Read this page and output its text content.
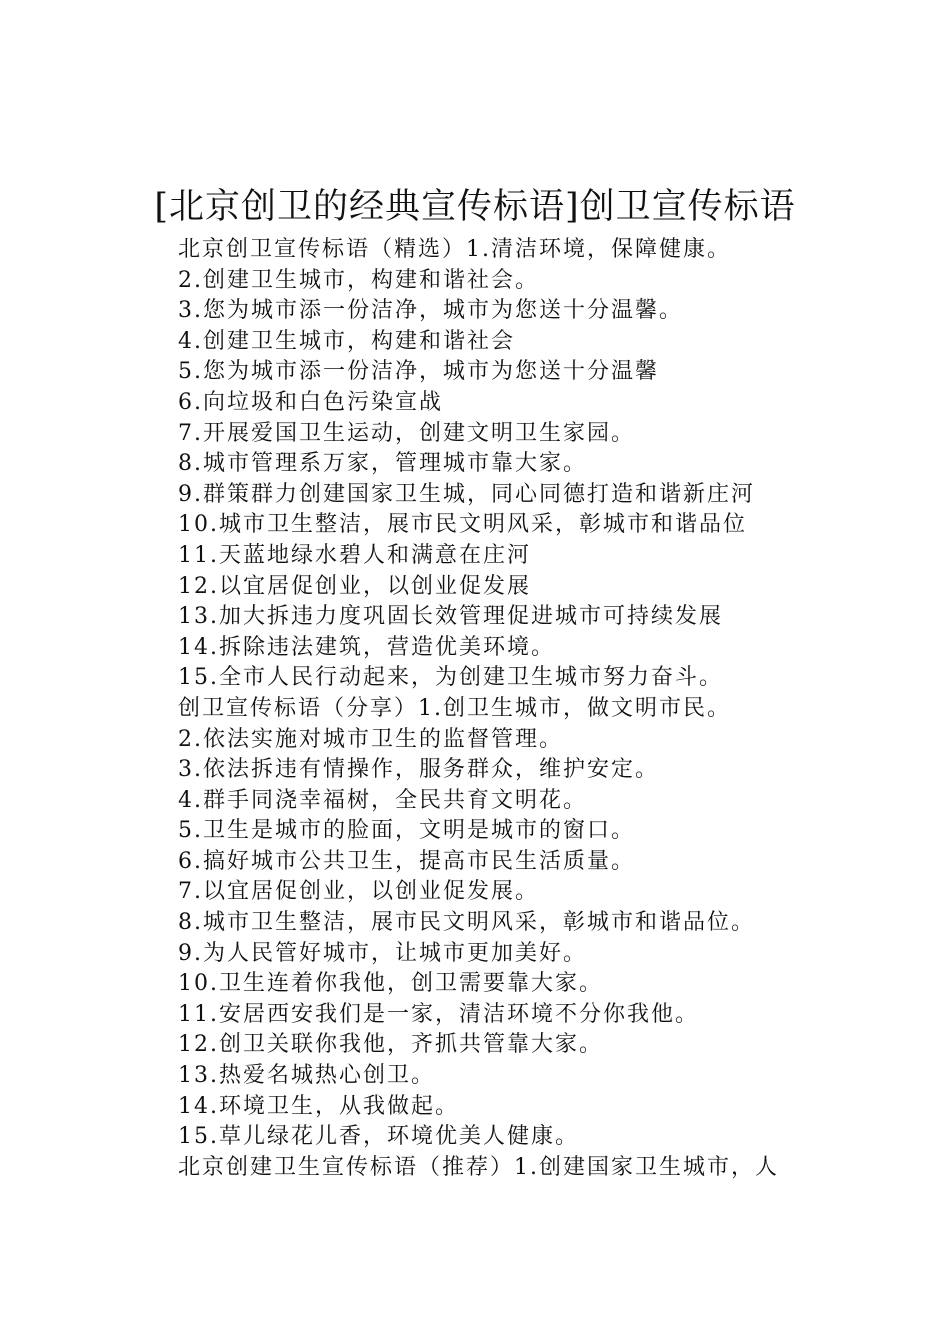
[北京创卫的经典宣传标语]创卫宣传标语
北京创卫宣传标语（精选）1.清洁环境，保障健康。
2.创建卫生城市，构建和谐社会。
3.您为城市添一份洁净，城市为您送十分温馨。
4.创建卫生城市，构建和谐社会
5.您为城市添一份洁净，城市为您送十分温馨
6.向垃圾和白色污染宣战
7.开展爱国卫生运动，创建文明卫生家园。
8.城市管理系万家，管理城市靠大家。
9.群策群力创建国家卫生城，同心同德打造和谐新庄河
10.城市卫生整洁，展市民文明风采，彰城市和谐品位
11.天蓝地绿水碧人和满意在庄河
12.以宜居促创业，以创业促发展
13.加大拆违力度巩固长效管理促进城市可持续发展
14.拆除违法建筑，营造优美环境。
15.全市人民行动起来，为创建卫生城市努力奋斗。
创卫宣传标语（分享）1.创卫生城市，做文明市民。
2.依法实施对城市卫生的监督管理。
3.依法拆违有情操作，服务群众，维护安定。
4.群手同浇幸福树，全民共育文明花。
5.卫生是城市的脸面，文明是城市的窗口。
6.搞好城市公共卫生，提高市民生活质量。
7.以宜居促创业，以创业促发展。
8.城市卫生整洁，展市民文明风采，彰城市和谐品位。
9.为人民管好城市，让城市更加美好。
10.卫生连着你我他，创卫需要靠大家。
11.安居西安我们是一家，清洁环境不分你我他。
12.创卫关联你我他，齐抓共管靠大家。
13.热爱名城热心创卫。
14.环境卫生，从我做起。
15.草儿绿花儿香，环境优美人健康。
北京创建卫生宣传标语（推荐）1.创建国家卫生城市，人
